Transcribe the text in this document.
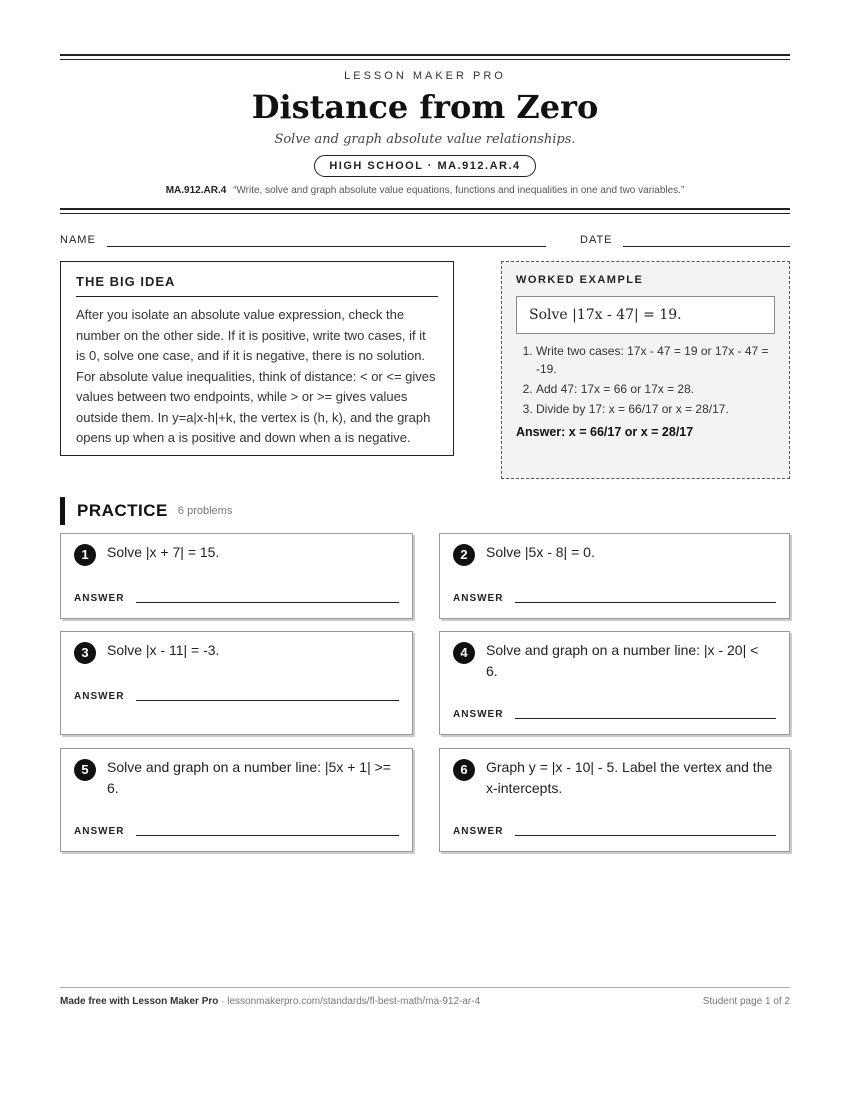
LESSON MAKER PRO
Distance from Zero
Solve and graph absolute value relationships.
HIGH SCHOOL · MA.912.AR.4
MA.912.AR.4 “Write, solve and graph absolute value equations, functions and inequalities in one and two variables.”
NAME	DATE
THE BIG IDEA
After you isolate an absolute value expression, check the number on the other side. If it is positive, write two cases, if it is 0, solve one case, and if it is negative, there is no solution. For absolute value inequalities, think of distance: < or <= gives values between two endpoints, while > or >= gives values outside them. In y=a|x-h|+k, the vertex is (h, k), and the graph opens up when a is positive and down when a is negative.
WORKED EXAMPLE
Solve |17x - 47| = 19.
1. Write two cases: 17x - 47 = 19 or 17x - 47 = -19.
2. Add 47: 17x = 66 or 17x = 28.
3. Divide by 17: x = 66/17 or x = 28/17.
Answer: x = 66/17 or x = 28/17
PRACTICE 6 problems
1	Solve |x + 7| = 15.
ANSWER
2	Solve |5x - 8| = 0.
ANSWER
3	Solve |x - 11| = -3.
ANSWER
4	Solve and graph on a number line: |x - 20| < 6.
ANSWER
5	Solve and graph on a number line: |5x + 1| >= 6.
ANSWER
6	Graph y = |x - 10| - 5. Label the vertex and the x-intercepts.
ANSWER
Made free with Lesson Maker Pro · lessonmakerpro.com/standards/fl-best-math/ma-912-ar-4	Student page 1 of 2
